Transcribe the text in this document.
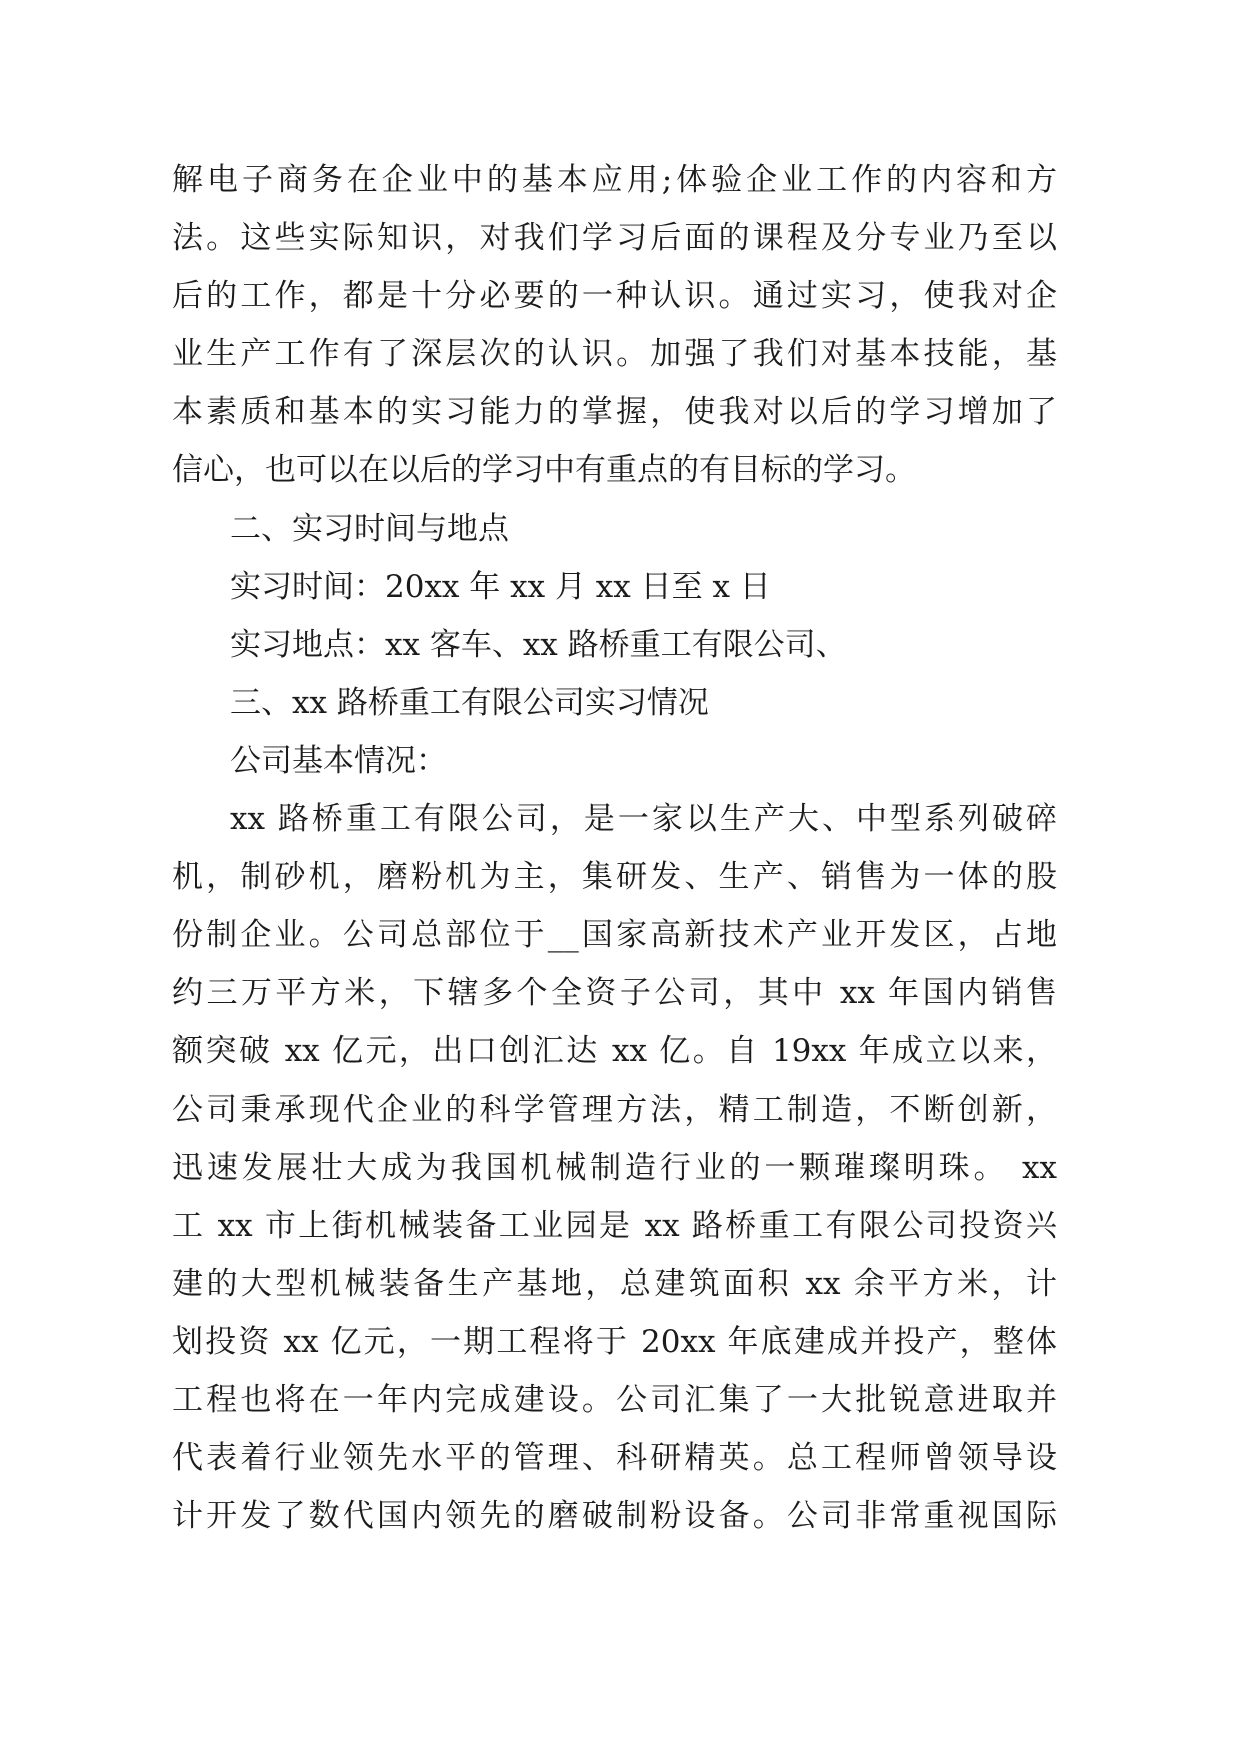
解电子商务在企业中的基本应用;体验企业工作的内容和方
法。这些实际知识，对我们学习后面的课程及分专业乃至以
后的工作，都是十分必要的一种认识。通过实习，使我对企
业生产工作有了深层次的认识。加强了我们对基本技能，基
本素质和基本的实习能力的掌握，使我对以后的学习增加了
信心，也可以在以后的学习中有重点的有目标的学习。
二、实习时间与地点
实习时间：20xx 年 xx 月 xx 日至 x 日
实习地点：xx 客车、xx 路桥重工有限公司、
三、xx 路桥重工有限公司实习情况
公司基本情况：
xx 路桥重工有限公司，是一家以生产大、中型系列破碎
机，制砂机，磨粉机为主，集研发、生产、销售为一体的股
份制企业。公司总部位于__国家高新技术产业开发区，占地
约三万平方米，下辖多个全资子公司，其中 xx 年国内销售
额突破 xx 亿元，出口创汇达 xx 亿。自 19xx 年成立以来，
公司秉承现代企业的科学管理方法，精工制造，不断创新，
迅速发展壮大成为我国机械制造行业的一颗璀璨明珠。 xx
工 xx 市上街机械装备工业园是 xx 路桥重工有限公司投资兴
建的大型机械装备生产基地，总建筑面积 xx 余平方米，计
划投资 xx 亿元，一期工程将于 20xx 年底建成并投产，整体
工程也将在一年内完成建设。公司汇集了一大批锐意进取并
代表着行业领先水平的管理、科研精英。总工程师曾领导设
计开发了数代国内领先的磨破制粉设备。公司非常重视国际
